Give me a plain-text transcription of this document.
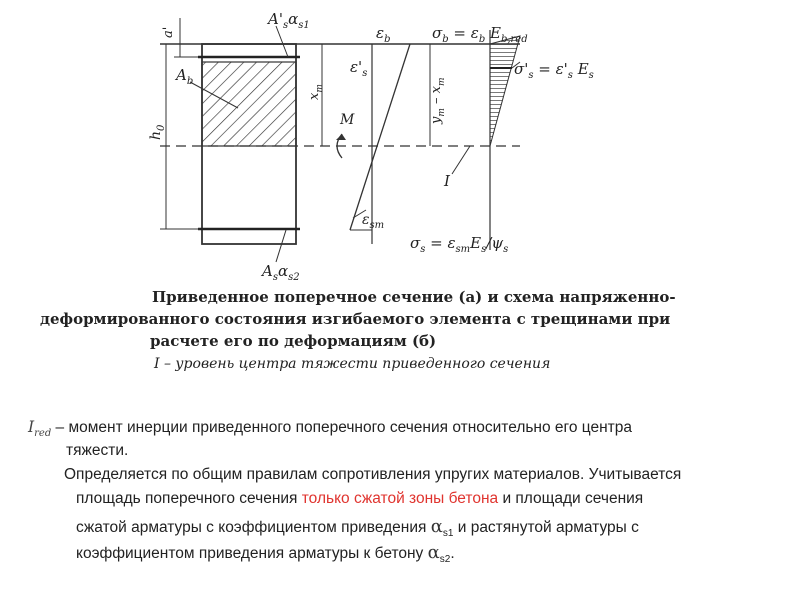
a'
$A'_s\alpha_{s1}$
$A_b$
$h_0$
$x_m$
M
$\varepsilon_b$
$\varepsilon'_s$
$\varepsilon_{sm}$
$y_m - x_m$
$\sigma_b = \varepsilon_b$ $E_{b,red}$
$\sigma'_s = \varepsilon'_s$ $E_s$
I
$\sigma_s = \varepsilon_{sm}E_s/\psi_s$
$A_s\alpha_{s2}$
Приведенное поперечное сечение (а) и схема напряженно-
деформированного состояния изгибаемого элемента с трещинами при
расчете его по деформациям (б)
I – уровень центра тяжести приведенного сечения
$I_{red}$ – момент инерции приведенного поперечного сечения относительно его центра
тяжести.
Определяется по общим правилам сопротивления упругих материалов. Учитывается
площадь поперечного сечения только сжатой зоны бетона и площади сечения
сжатой арматуры с коэффициентом приведения $\alpha_{s1}$ и растянутой арматуры с
коэффициентом приведения арматуры к бетону $\alpha_{s2}$.
